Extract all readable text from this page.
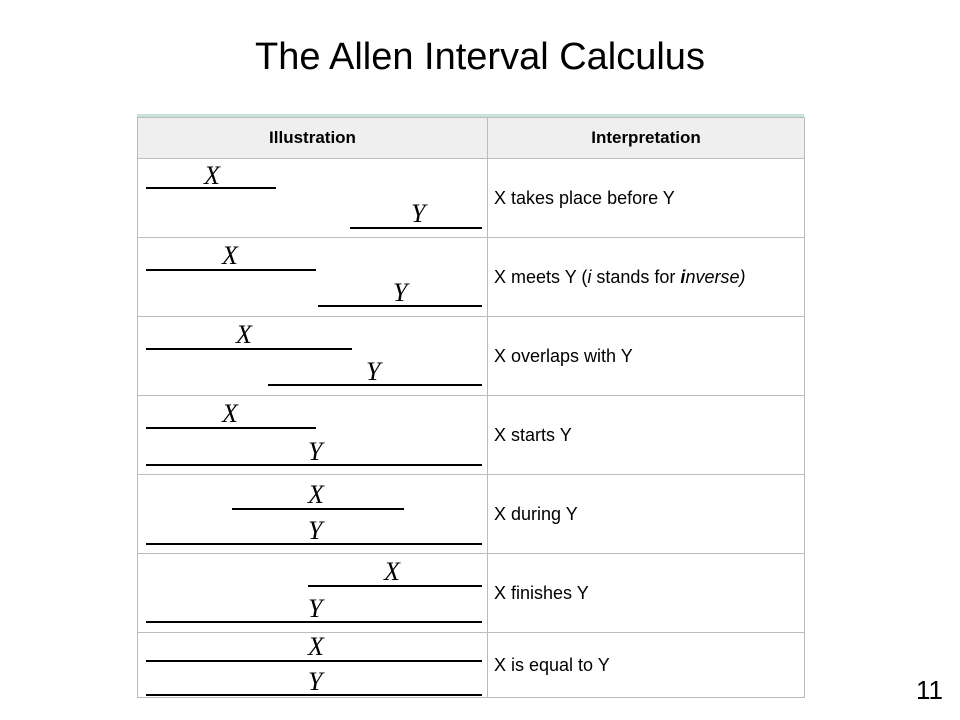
The Allen Interval Calculus
Illustration	Interpretation

X
Y	X takes place before Y

X
Y	X meets Y (i stands for inverse)

X
Y	X overlaps with Y

X
Y	X starts Y

X
Y	X during Y

X
Y	X finishes Y

X
Y	X is equal to Y
11
